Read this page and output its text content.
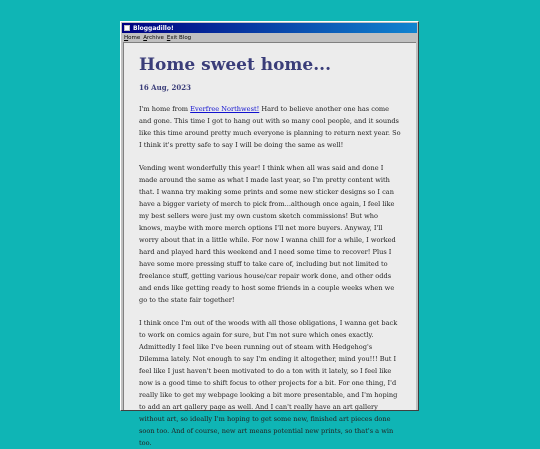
Bloggadillo!
Home Archive Exit Blog
Home sweet home...
16 Aug, 2023

I'm home from Everfree Northwest! Hard to believe another one has come and gone. This time I got to hang out with so many cool people, and it sounds like this time around pretty much everyone is planning to return next year. So I think it's pretty safe to say I will be doing the same as well!

Vending went wonderfully this year! I think when all was said and done I made around the same as what I made last year, so I'm pretty content with that. I wanna try making some prints and some new sticker designs so I can have a bigger variety of merch to pick from...although once again, I feel like my best sellers were just my own custom sketch commissions! But who knows, maybe with more merch options I'll net more buyers. Anyway, I'll worry about that in a little while. For now I wanna chill for a while, I worked hard and played hard this weekend and I need some time to recover! Plus I have some more pressing stuff to take care of, including but not limited to freelance stuff, getting various house/car repair work done, and other odds and ends like getting ready to host some friends in a couple weeks when we go to the state fair together!

I think once I'm out of the woods with all those obligations, I wanna get back to work on comics again for sure, but I'm not sure which ones exactly. Admittedly I feel like I've been running out of steam with Hedgehog's Dilemma lately. Not enough to say I'm ending it altogether, mind you!!! But I feel like I just haven't been motivated to do a ton with it lately, so I feel like now is a good time to shift focus to other projects for a bit. For one thing, I'd really like to get my webpage looking a bit more presentable, and I'm hoping to add an art gallery page as well. And I can't really have an art gallery without art, so ideally I'm hoping to get some new, finished art pieces done soon too. And of course, new art means potential new prints, so that's a win too.
